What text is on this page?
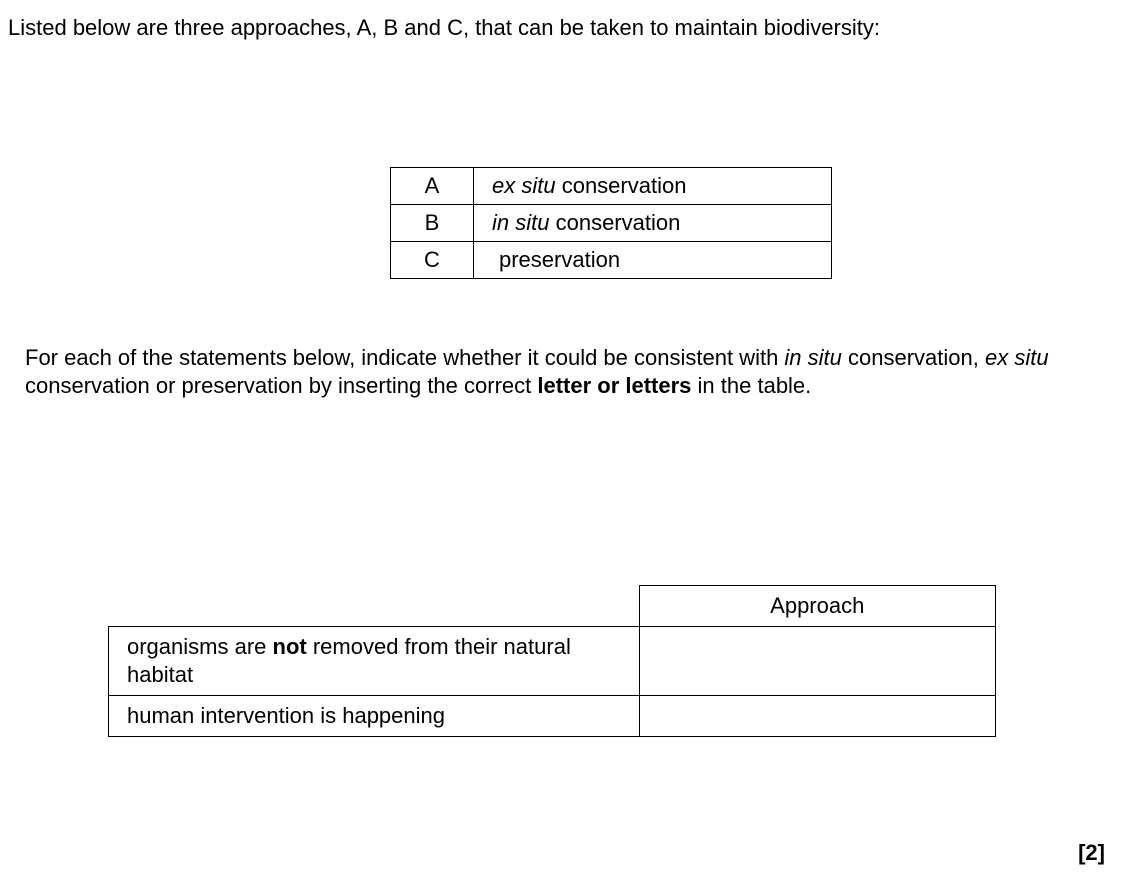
Listed below are three approaches, A, B and C, that can be taken to maintain biodiversity:
A	ex situ conservation
B	in situ conservation
C	preservation
For each of the statements below, indicate whether it could be consistent with in situ conservation, ex situ conservation or preservation by inserting the correct letter or letters in the table.
	Approach
organisms are not removed from their natural habitat	
human intervention is happening	
[2]
